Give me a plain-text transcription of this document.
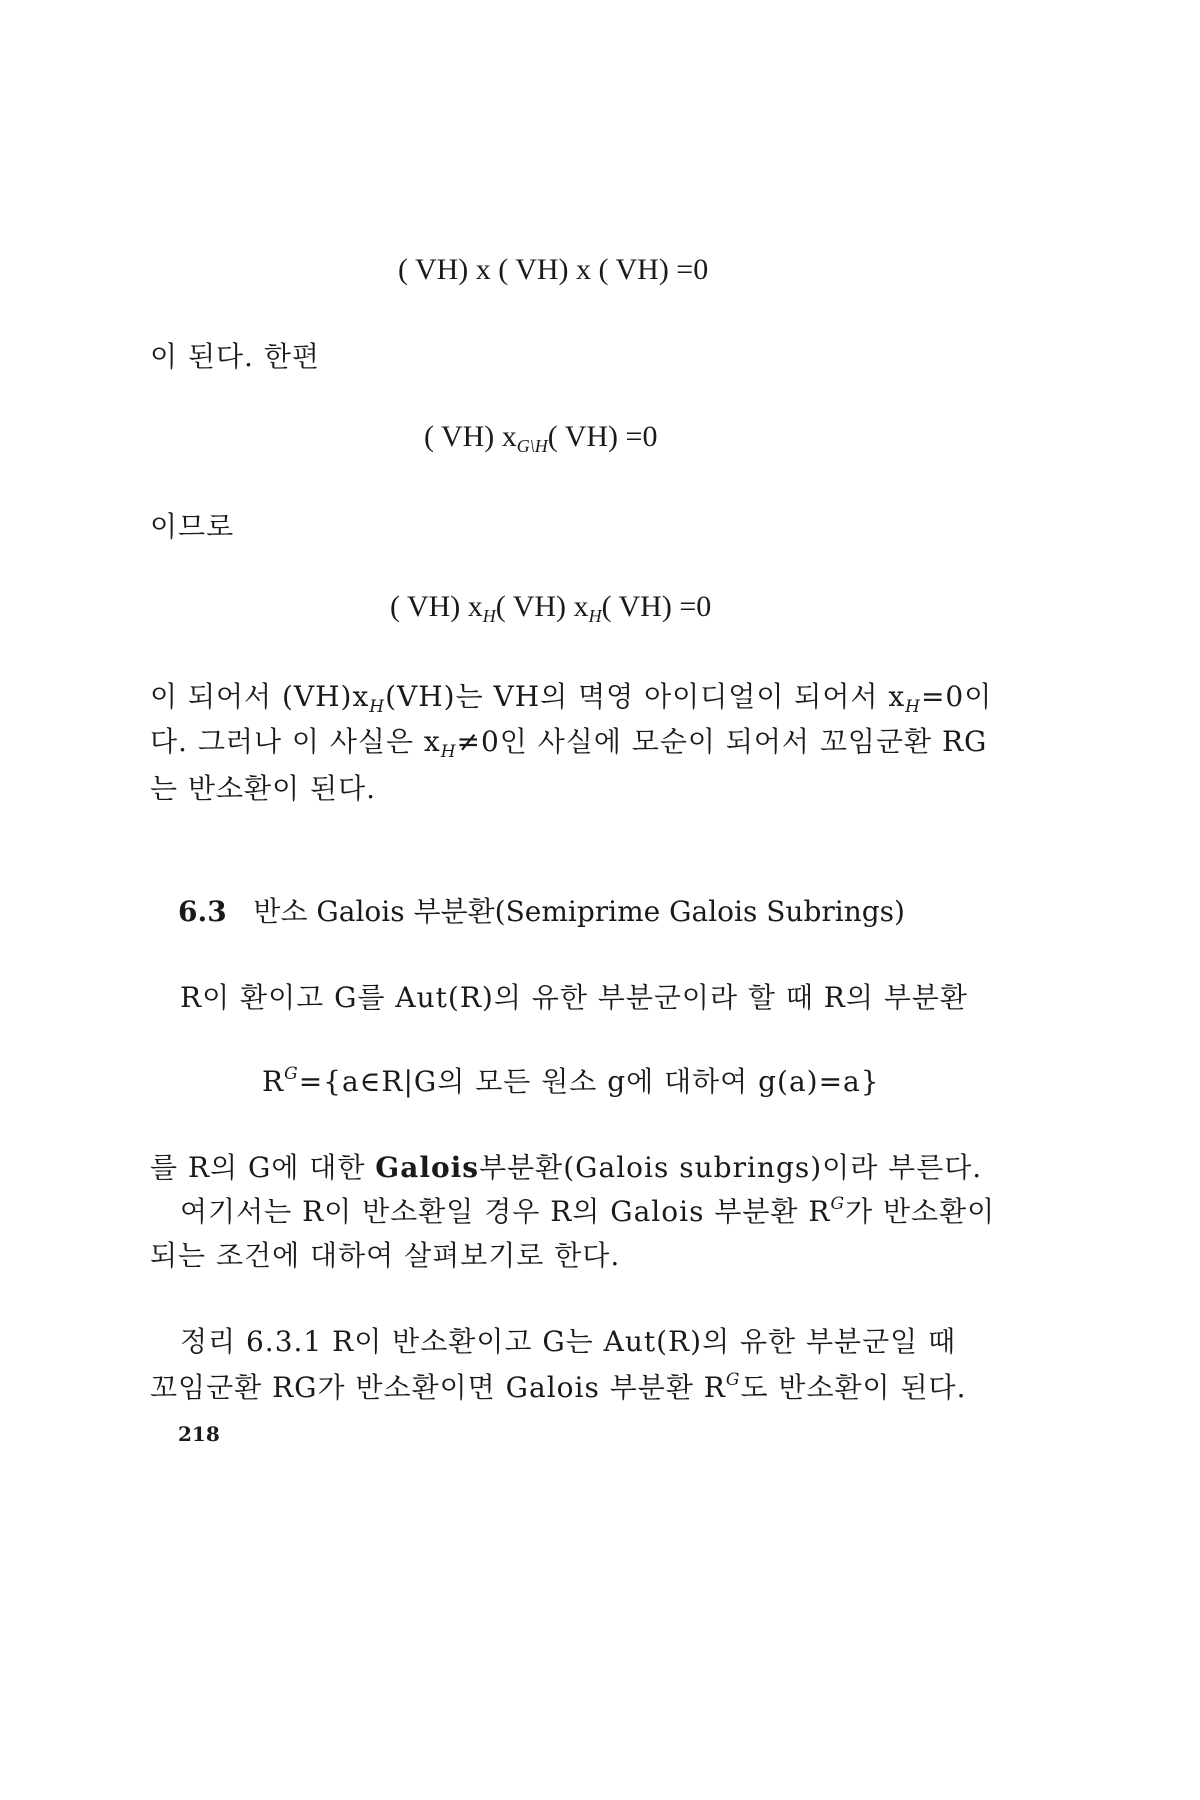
( VH) x ( VH) x ( VH) =0
이 된다. 한편
( VH) $x_{G\backslash H}$( VH) =0
이므로
( VH) $x_H$( VH) $x_H$( VH) =0
이 되어서 $(VH)x_H(VH)$는 VH의 멱영 아이디얼이 되어서 $x_H=0$이
다. 그러나 이 사실은 $x_H\ne 0$인 사실에 모순이 되어서 꼬임군환 RG
는 반소환이 된다.
6.3 반소 Galois 부분환(Semiprime Galois Subrings)
R이 환이고 G를 Aut(R)의 유한 부분군이라 할 때 R의 부분환
$R^G=\{a\in R|G$의 모든 원소 g에 대하여 g(a)=a}
를 R의 G에 대한 Galois부분환(Galois subrings)이라 부른다.
여기서는 R이 반소환일 경우 R의 Galois 부분환 $R^G$가 반소환이
되는 조건에 대하여 살펴보기로 한다.
정리 6.3.1 R이 반소환이고 G는 Aut(R)의 유한 부분군일 때
꼬임군환 RG가 반소환이면 Galois 부분환 $R^G$도 반소환이 된다.
218
